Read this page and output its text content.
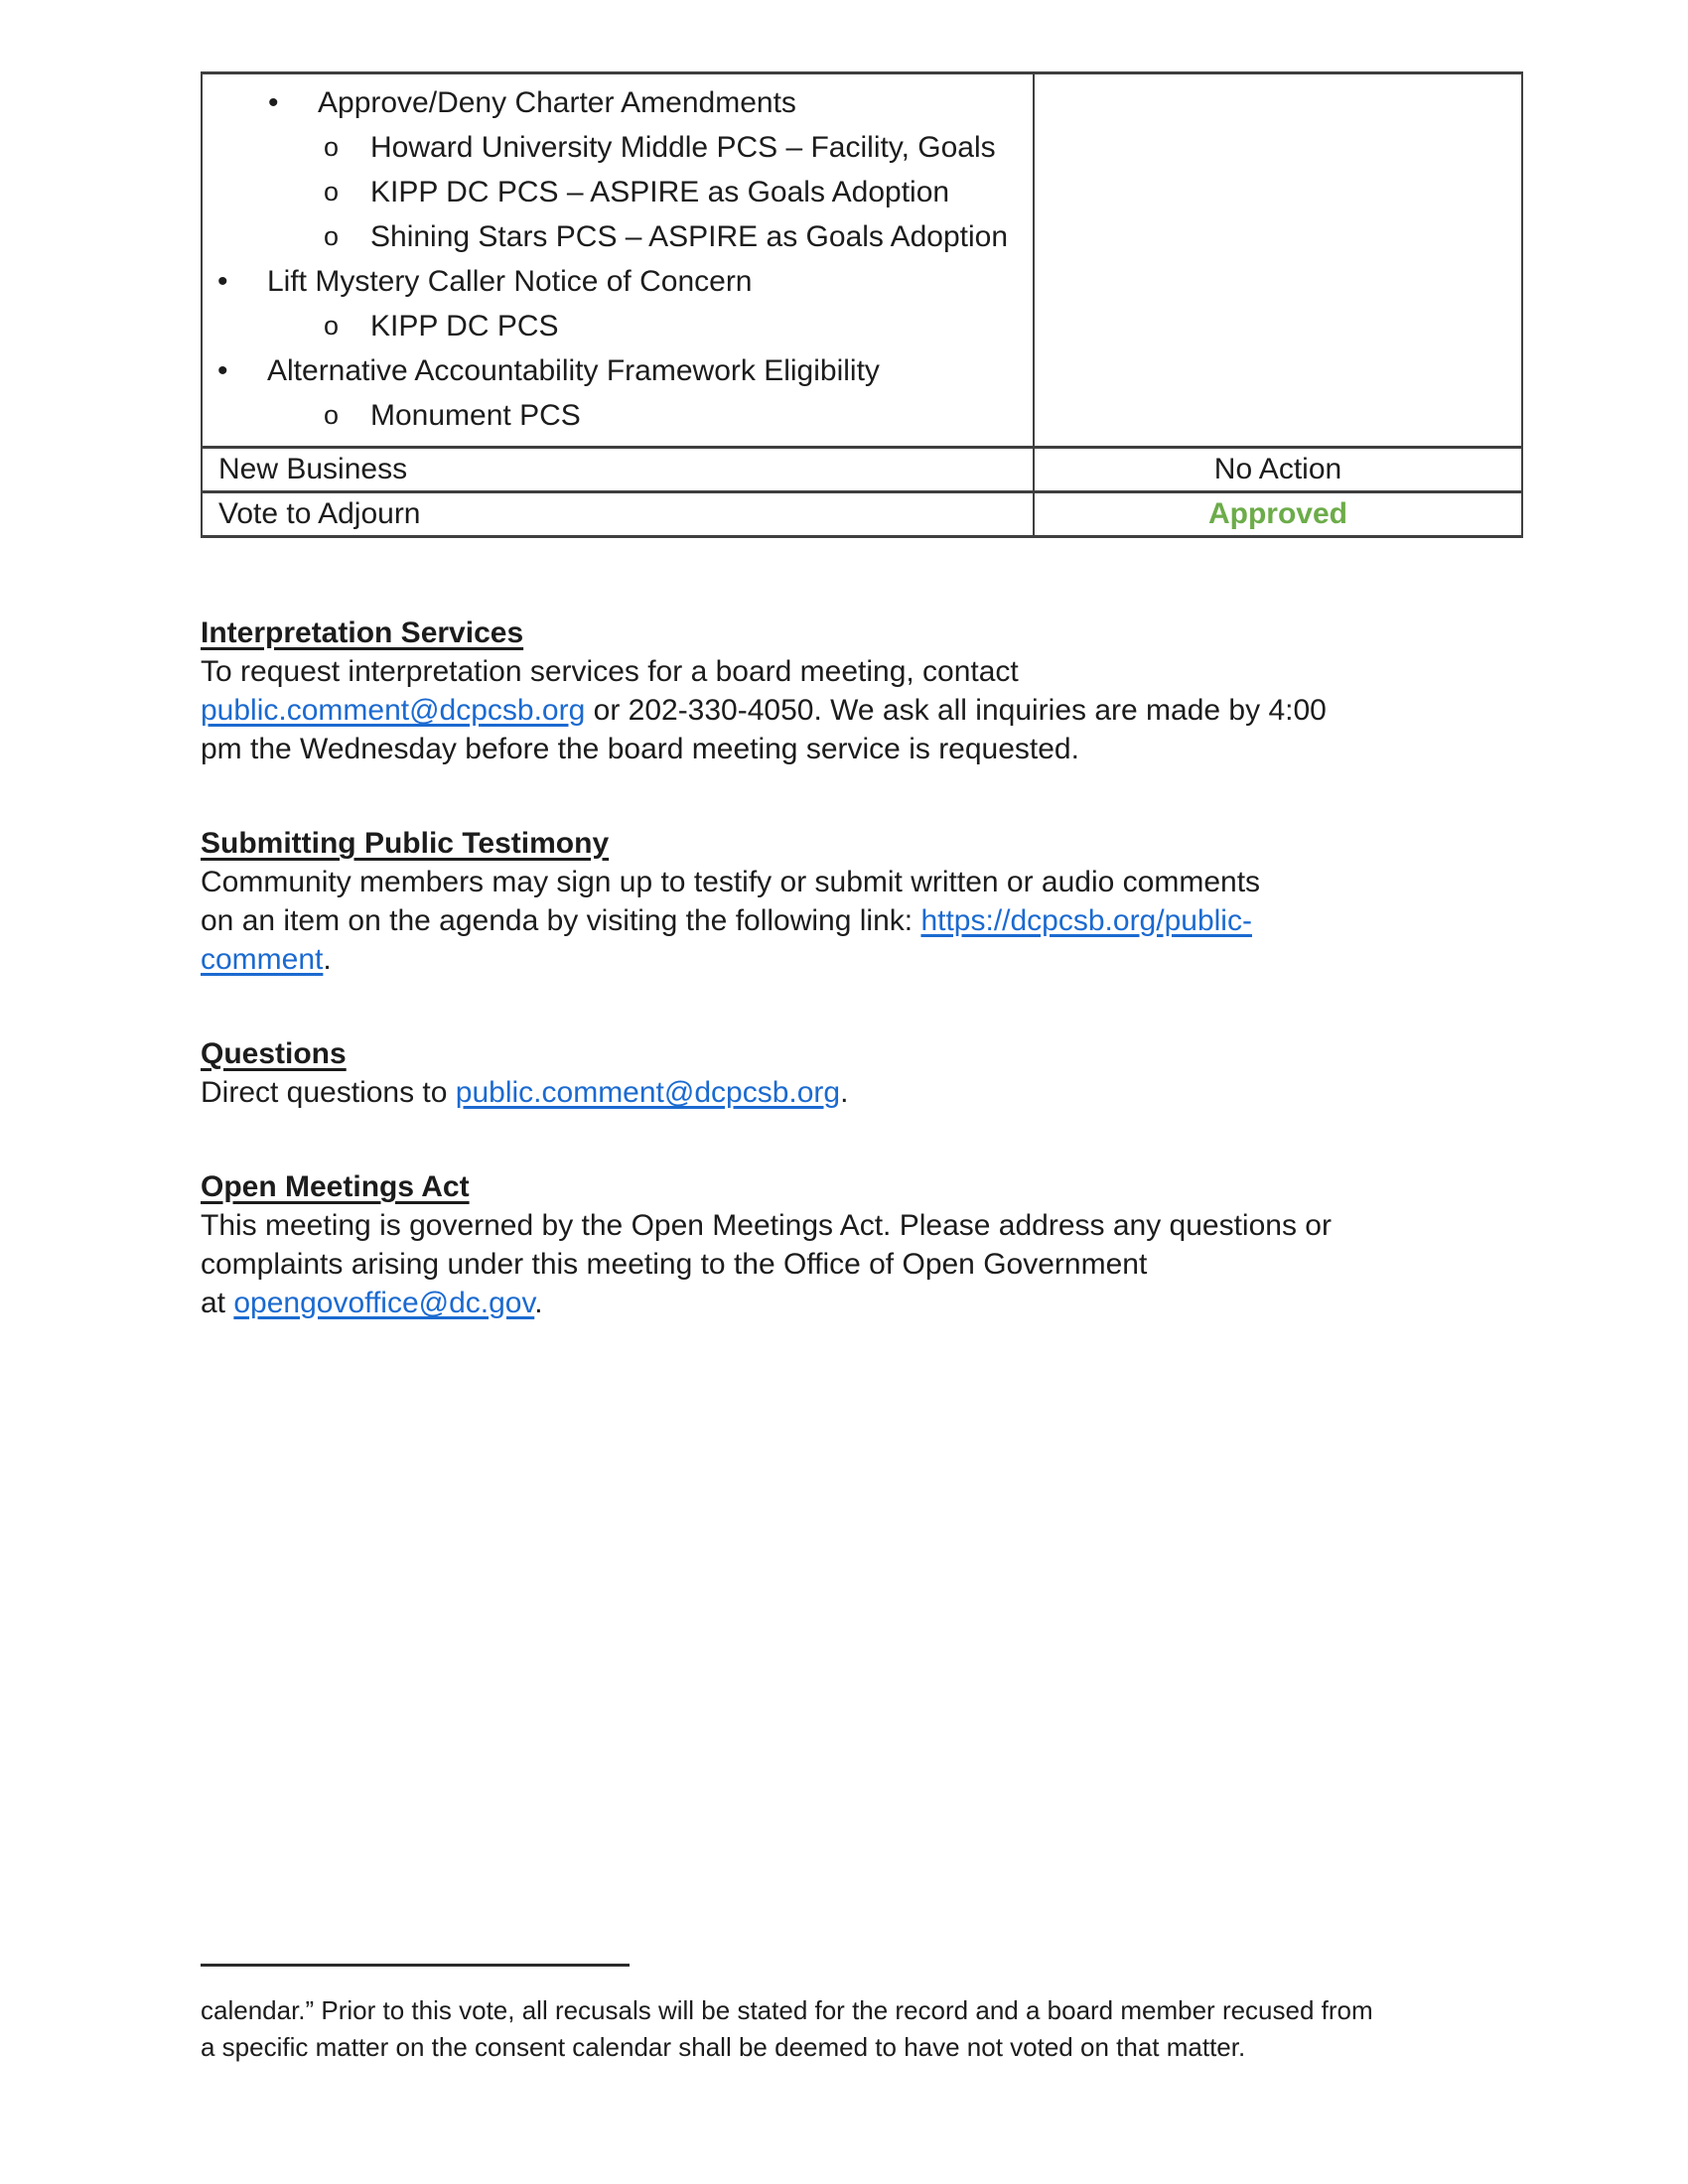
•	Approve/Deny Charter Amendments
o	Howard University Middle PCS – Facility, Goals
o	KIPP DC PCS – ASPIRE as Goals Adoption
o	Shining Stars PCS – ASPIRE as Goals Adoption
•	Lift Mystery Caller Notice of Concern
o	KIPP DC PCS
•	Alternative Accountability Framework Eligibility
o	Monument PCS
New Business	No Action
Vote to Adjourn	Approved
Interpretation Services

To request interpretation services for a board meeting, contact
public.comment@dcpcsb.org or 202-330-4050. We ask all inquiries are made by 4:00
pm the Wednesday before the board meeting service is requested.

Submitting Public Testimony

Community members may sign up to testify or submit written or audio comments
on an item on the agenda by visiting the following link: https://dcpcsb.org/public-
comment.

Questions

Direct questions to public.comment@dcpcsb.org.

Open Meetings Act

This meeting is governed by the Open Meetings Act. Please address any questions or
complaints arising under this meeting to the Office of Open Government
at opengovoffice@dc.gov.

calendar.” Prior to this vote, all recusals will be stated for the record and a board member recused from
a specific matter on the consent calendar shall be deemed to have not voted on that matter.
